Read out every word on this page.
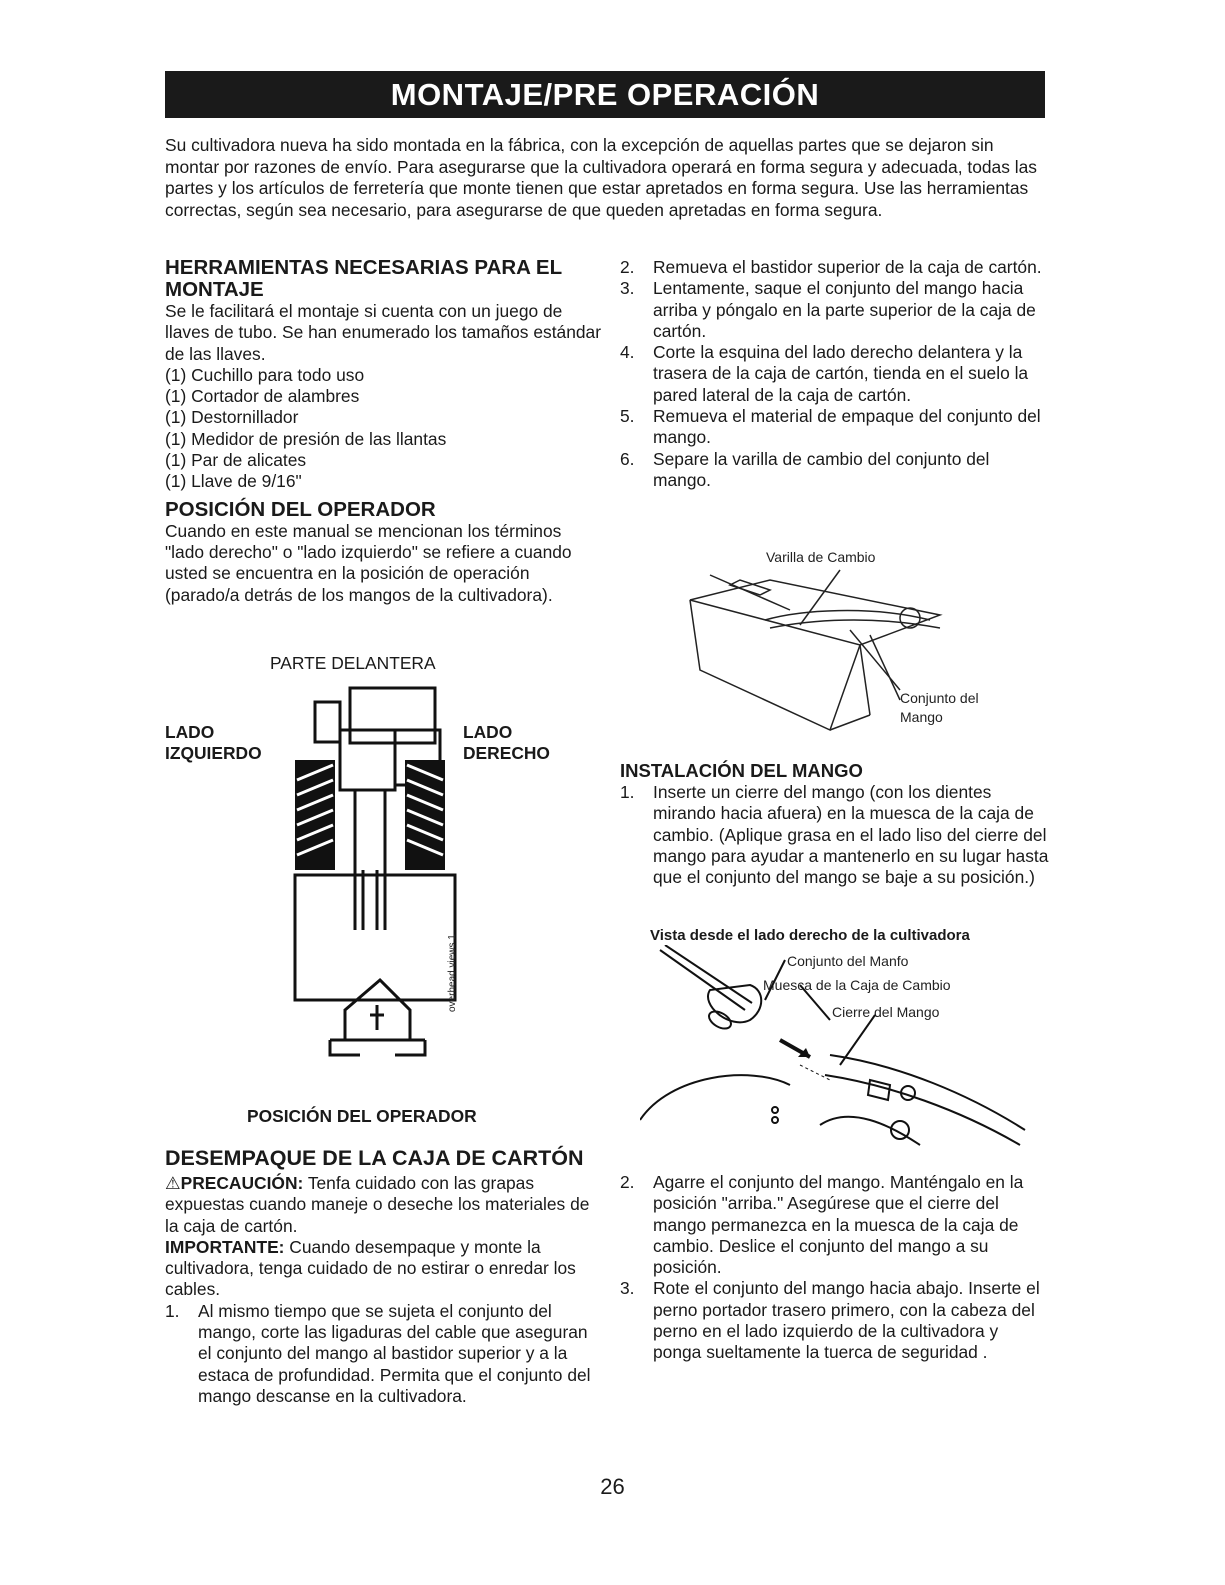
MONTAJE/PRE OPERACIÓN

Su cultivadora nueva ha sido montada en la fábrica, con la excepción de aquellas partes que se dejaron sin montar por razones de envío. Para asegurarse que la cultivadora operará en forma segura y adecuada, todas las partes y los artículos de ferretería que monte tienen que estar apretados en forma segura. Use las herramientas correctas, según sea necesario, para asegurarse de que queden apretadas en forma segura.

HERRAMIENTAS NECESARIAS PARA EL MONTAJE

Se le facilitará el montaje si cuenta con un juego de llaves de tubo. Se han enumerado los tamaños estándar de las llaves.

(1) Cuchillo para todo uso
(1) Cortador de alambres
(1) Destornillador
(1) Medidor de presión de las llantas
(1) Par de alicates
(1) Llave de 9/16"
POSICIÓN DEL OPERADOR

Cuando en este manual se mencionan los términos "lado derecho" o "lado izquierdo" se refiere a cuando usted se encuentra en la posición de operación (parado/a detrás de los mangos de la cultivadora).

PARTE DELANTERA
LADO
IZQUIERDO
LADO
DERECHO
overhead views 1
POSICIÓN DEL OPERADOR
DESEMPAQUE DE LA CAJA DE CARTÓN

⚠PRECAUCIÓN: Tenfa cuidado con las grapas expuestas cuando maneje o deseche los materiales de la caja de cartón.

IMPORTANTE: Cuando desempaque y monte la cultivadora, tenga cuidado de no estirar o enredar los cables.

1.	Al mismo tiempo que se sujeta el conjunto del mango, corte las ligaduras del cable que aseguran el conjunto del mango al bastidor superior y a la estaca de profundidad. Permita que el conjunto del mango descanse en la cultivadora.
2.	Remueva el bastidor superior de la caja de cartón.
3.	Lentamente, saque el conjunto del mango hacia arriba y póngalo en la parte superior de la caja de cartón.
4.	Corte la esquina del lado derecho delantera y la trasera de la caja de cartón, tienda en el suelo la pared lateral de la caja de cartón.
5.	Remueva el material de empaque del conjunto del mango.
6.	Separe la varilla de cambio del conjunto del mango.
Varilla de Cambio
Conjunto del
Mango
INSTALACIÓN DEL MANGO
1.	Inserte un cierre del mango (con los dientes mirando hacia afuera) en la muesca de la caja de cambio. (Aplique grasa en el lado liso del cierre del mango para ayudar a mantenerlo en su lugar hasta que el conjunto del mango se baje a su posición.)
Vista desde el lado derecho de la cultivadora
Conjunto del Manfo
Muesca de la Caja de Cambio
Cierre del Mango
2.	Agarre el conjunto del mango. Manténgalo en la posición "arriba." Asegúrese que el cierre del mango permanezca en la muesca de la caja de cambio. Deslice el conjunto del mango a su posición.
3.	Rote el conjunto del mango hacia abajo. Inserte el perno portador trasero primero, con la cabeza del perno en el lado izquierdo de la cultivadora y ponga sueltamente la tuerca de seguridad .
26
